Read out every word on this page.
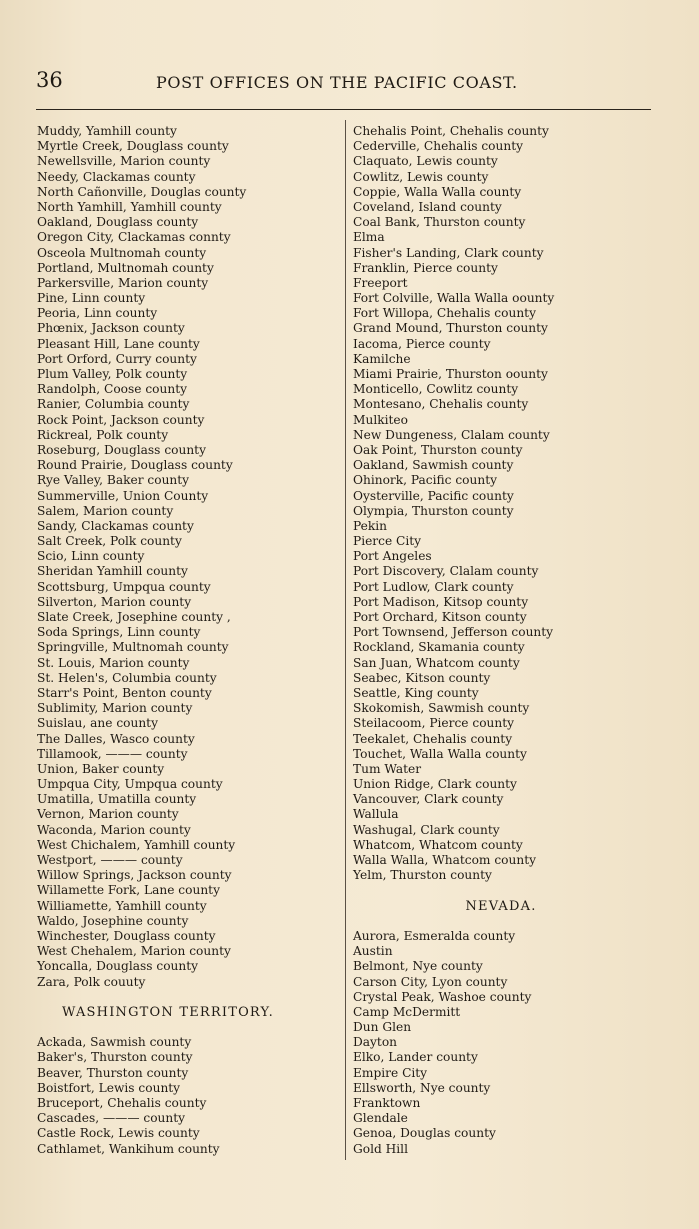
36	POST OFFICES ON THE PACIFIC COAST.
Muddy, Yamhill county
Myrtle Creek, Douglass county
Newellsville, Marion county
Needy, Clackamas county
North Cañonville, Douglas county
North Yamhill, Yamhill county
Oakland, Douglass county
Oregon City, Clackamas connty
Osceola Multnomah county
Portland, Multnomah county
Parkersville, Marion county
Pine, Linn county
Peoria, Linn county
Phœnix, Jackson county
Pleasant Hill, Lane county
Port Orford, Curry county
Plum Valley, Polk county
Randolph, Coose county
Ranier, Columbia county
Rock Point, Jackson county
Rickreal, Polk county
Roseburg, Douglass county
Round Prairie, Douglass county
Rye Valley, Baker county
Summerville, Union County
Salem, Marion county
Sandy, Clackamas county
Salt Creek, Polk county
Scio, Linn county
Sheridan Yamhill county
Scottsburg, Umpqua county
Silverton, Marion county
Slate Creek, Josephine county ,
Soda Springs, Linn county
Springville, Multnomah county
St. Louis, Marion county
St. Helen's, Columbia county
Starr's Point, Benton county
Sublimity, Marion county
Suislau, ane county
The Dalles, Wasco county
Tillamook, ——— county
Union, Baker county
Umpqua City, Umpqua county
Umatilla, Umatilla county
Vernon, Marion county
Waconda, Marion county
West Chichalem, Yamhill county
Westport, ——— county
Willow Springs, Jackson county
Willamette Fork, Lane county
Williamette, Yamhill county
Waldo, Josephine county
Winchester, Douglass county
West Chehalem, Marion county
Yoncalla, Douglass county
Zara, Polk couuty
WASHINGTON TERRITORY.
Ackada, Sawmish county
Baker's, Thurston county
Beaver, Thurston county
Boistfort, Lewis county
Bruceport, Chehalis county
Cascades, ——— county
Castle Rock, Lewis county
Cathlamet, Wankihum county
Chehalis Point, Chehalis county
Cederville, Chehalis county
Claquato, Lewis county
Cowlitz, Lewis county
Coppie, Walla Walla county
Coveland, Island county
Coal Bank, Thurston county
Elma
Fisher's Landing, Clark county
Franklin, Pierce county
Freeport
Fort Colville, Walla Walla oounty
Fort Willopa, Chehalis county
Grand Mound, Thurston county
Iacoma, Pierce county
Kamilche
Miami Prairie, Thurston oounty
Monticello, Cowlitz county
Montesano, Chehalis county
Mulkiteo
New Dungeness, Clalam county
Oak Point, Thurston county
Oakland, Sawmish county
Ohinork, Pacific county
Oysterville, Pacific county
Olympia, Thurston county
Pekin
Pierce City
Port Angeles
Port Discovery, Clalam county
Port Ludlow, Clark county
Port Madison, Kitsop county
Port Orchard, Kitson county
Port Townsend, Jefferson county
Rockland, Skamania county
San Juan, Whatcom county
Seabec, Kitson county
Seattle, King county
Skokomish, Sawmish county
Steilacoom, Pierce county
Teekalet, Chehalis county
Touchet, Walla Walla county
Tum Water
Union Ridge, Clark county
Vancouver, Clark county
Wallula
Washugal, Clark county
Whatcom, Whatcom county
Walla Walla, Whatcom county
Yelm, Thurston county
NEVADA.
Aurora, Esmeralda county
Austin
Belmont, Nye county
Carson City, Lyon county
Crystal Peak, Washoe county
Camp McDermitt
Dun Glen
Dayton
Elko, Lander county
Empire City
Ellsworth, Nye county
Franktown
Glendale
Genoa, Douglas county
Gold Hill
